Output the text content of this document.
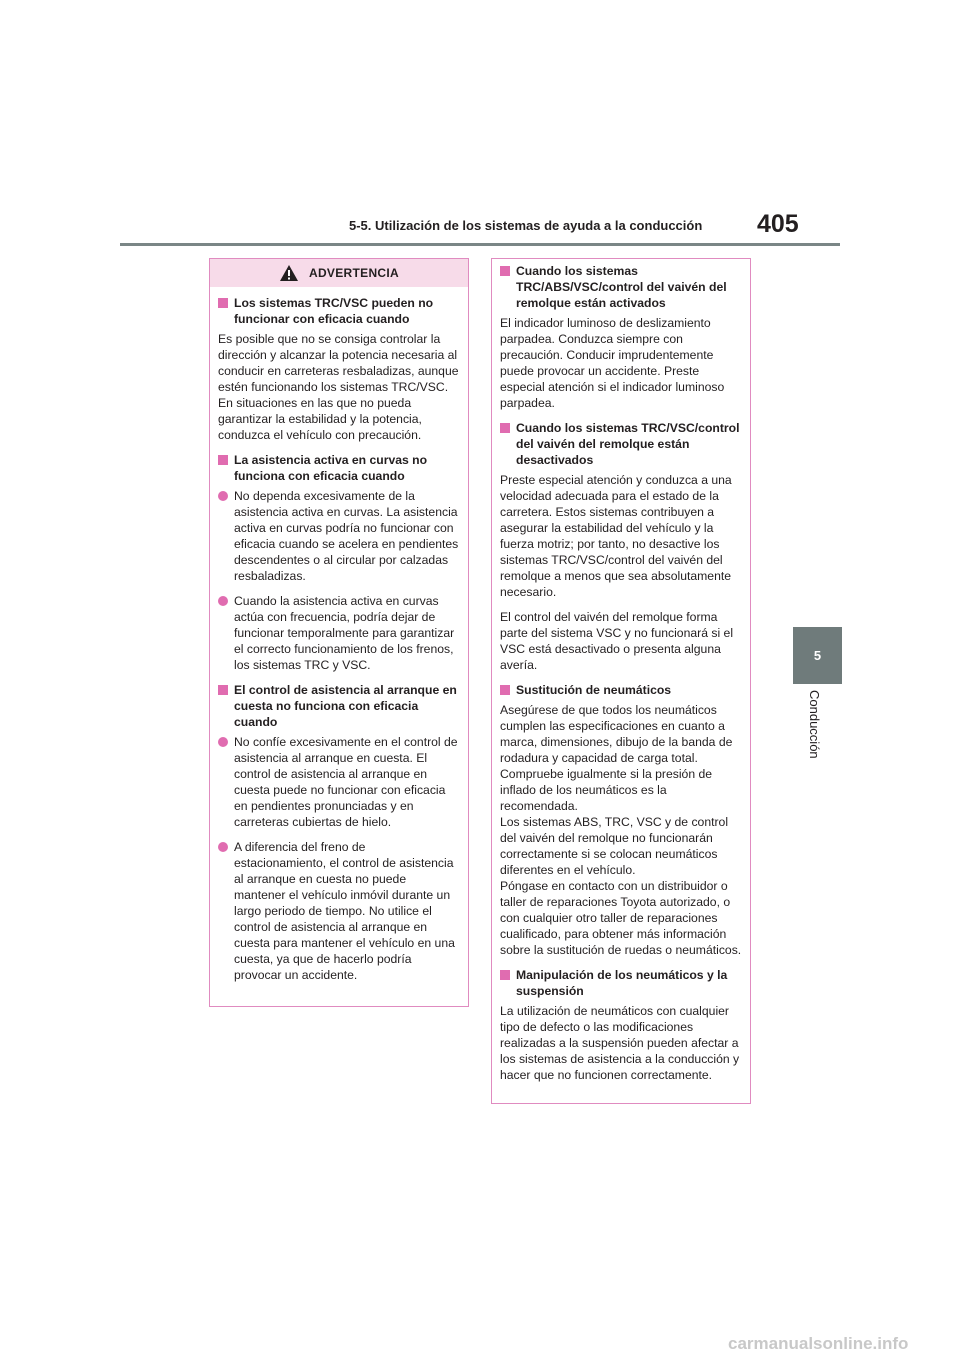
5-5. Utilización de los sistemas de ayuda a la conducción 405
5
Conducción
ADVERTENCIA
Los sistemas TRC/VSC pueden no funcionar con eficacia cuando
Es posible que no se consiga controlar la dirección y alcanzar la potencia necesaria al conducir en carreteras resbaladizas, aunque estén funcionando los sistemas TRC/VSC.
En situaciones en las que no pueda garantizar la estabilidad y la potencia, conduzca el vehículo con precaución.
La asistencia activa en curvas no funciona con eficacia cuando
No dependa excesivamente de la asistencia activa en curvas. La asistencia activa en curvas podría no funcionar con eficacia cuando se acelera en pendientes descendentes o al circular por calzadas resbaladizas.
Cuando la asistencia activa en curvas actúa con frecuencia, podría dejar de funcionar temporalmente para garantizar el correcto funcionamiento de los frenos, los sistemas TRC y VSC.
El control de asistencia al arranque en cuesta no funciona con eficacia cuando
No confíe excesivamente en el control de asistencia al arranque en cuesta. El control de asistencia al arranque en cuesta puede no funcionar con eficacia en pendientes pronunciadas y en carreteras cubiertas de hielo.
A diferencia del freno de estacionamiento, el control de asistencia al arranque en cuesta no puede mantener el vehículo inmóvil durante un largo periodo de tiempo. No utilice el control de asistencia al arranque en cuesta para mantener el vehículo en una cuesta, ya que de hacerlo podría provocar un accidente.
Cuando los sistemas TRC/ABS/VSC/control del vaivén del remolque están activados
El indicador luminoso de deslizamiento parpadea. Conduzca siempre con precaución. Conducir imprudentemente puede provocar un accidente. Preste especial atención si el indicador luminoso parpadea.
Cuando los sistemas TRC/VSC/control del vaivén del remolque están desactivados
Preste especial atención y conduzca a una velocidad adecuada para el estado de la carretera. Estos sistemas contribuyen a asegurar la estabilidad del vehículo y la fuerza motriz; por tanto, no desactive los sistemas TRC/VSC/control del vaivén del remolque a menos que sea absolutamente necesario.
El control del vaivén del remolque forma parte del sistema VSC y no funcionará si el VSC está desactivado o presenta alguna avería.
Sustitución de neumáticos
Asegúrese de que todos los neumáticos cumplen las especificaciones en cuanto a marca, dimensiones, dibujo de la banda de rodadura y capacidad de carga total. Compruebe igualmente si la presión de inflado de los neumáticos es la recomendada.
Los sistemas ABS, TRC, VSC y de control del vaivén del remolque no funcionarán correctamente si se colocan neumáticos diferentes en el vehículo.
Póngase en contacto con un distribuidor o taller de reparaciones Toyota autorizado, o con cualquier otro taller de reparaciones cualificado, para obtener más información sobre la sustitución de ruedas o neumáticos.
Manipulación de los neumáticos y la suspensión
La utilización de neumáticos con cualquier tipo de defecto o las modificaciones realizadas a la suspensión pueden afectar a los sistemas de asistencia a la conducción y hacer que no funcionen correctamente.
carmanualsonline.info
